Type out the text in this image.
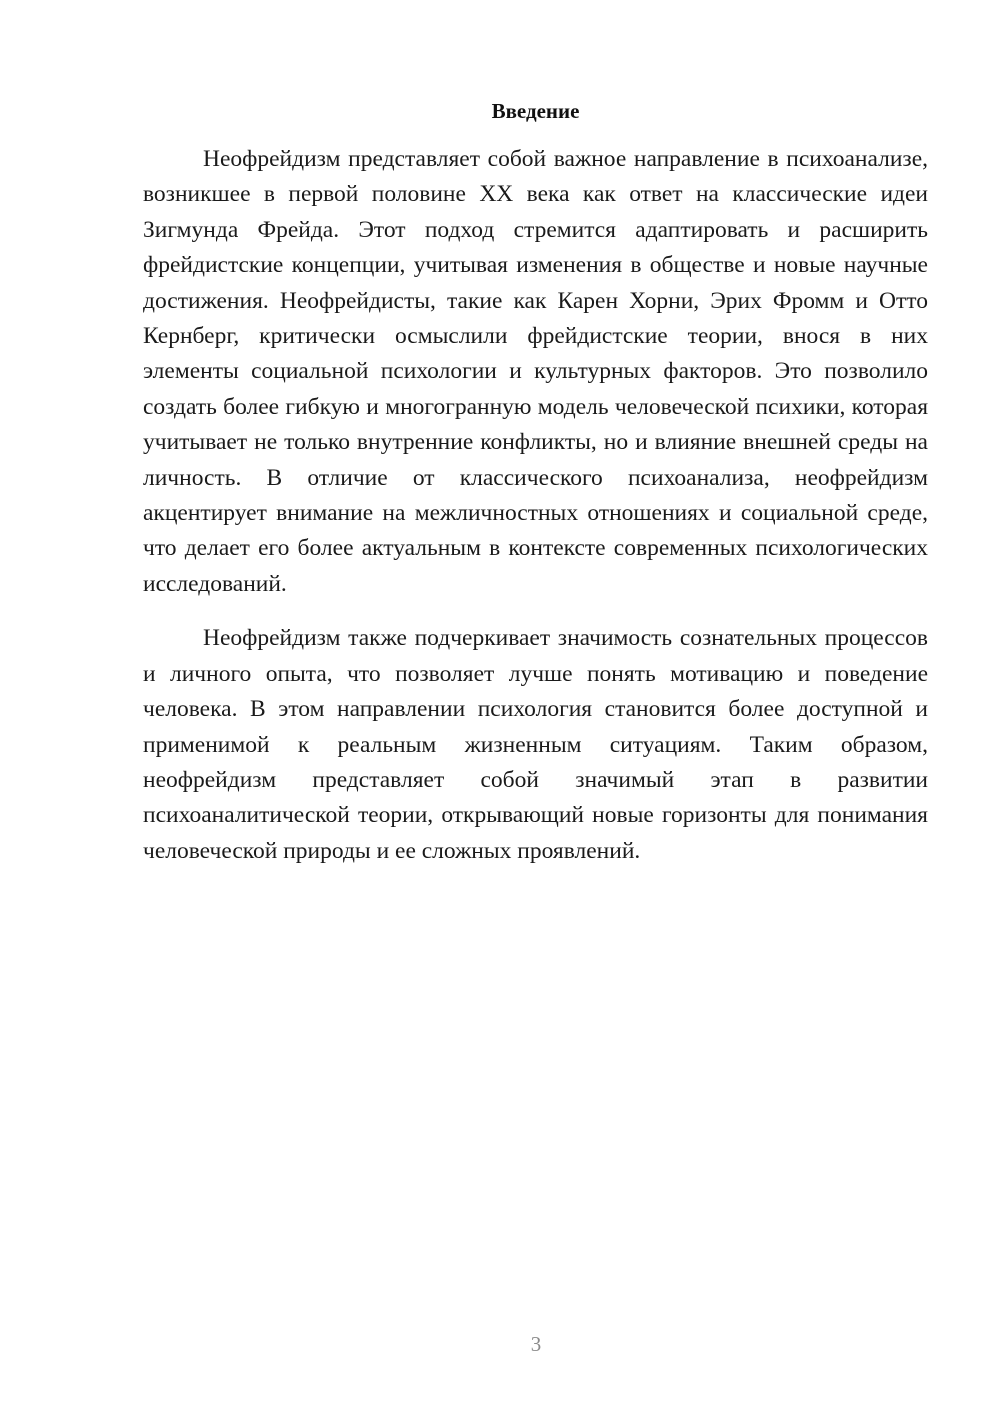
Введение

Неофрейдизм представляет собой важное направление в психоанализе, возникшее в первой половине XX века как ответ на классические идеи Зигмунда Фрейда. Этот подход стремится адаптировать и расширить фрейдистские концепции, учитывая изменения в обществе и новые научные достижения. Неофрейдисты, такие как Карен Хорни, Эрих Фромм и Отто Кернберг, критически осмыслили фрейдистские теории, внося в них элементы социальной психологии и культурных факторов. Это позволило создать более гибкую и многогранную модель человеческой психики, которая учитывает не только внутренние конфликты, но и влияние внешней среды на личность. В отличие от классического психоанализа, неофрейдизм акцентирует внимание на межличностных отношениях и социальной среде, что делает его более актуальным в контексте современных психологических исследований.

Неофрейдизм также подчеркивает значимость сознательных процессов и личного опыта, что позволяет лучше понять мотивацию и поведение человека. В этом направлении психология становится более доступной и применимой к реальным жизненным ситуациям. Таким образом, неофрейдизм представляет собой значимый этап в развитии психоаналитической теории, открывающий новые горизонты для понимания человеческой природы и ее сложных проявлений.

3
